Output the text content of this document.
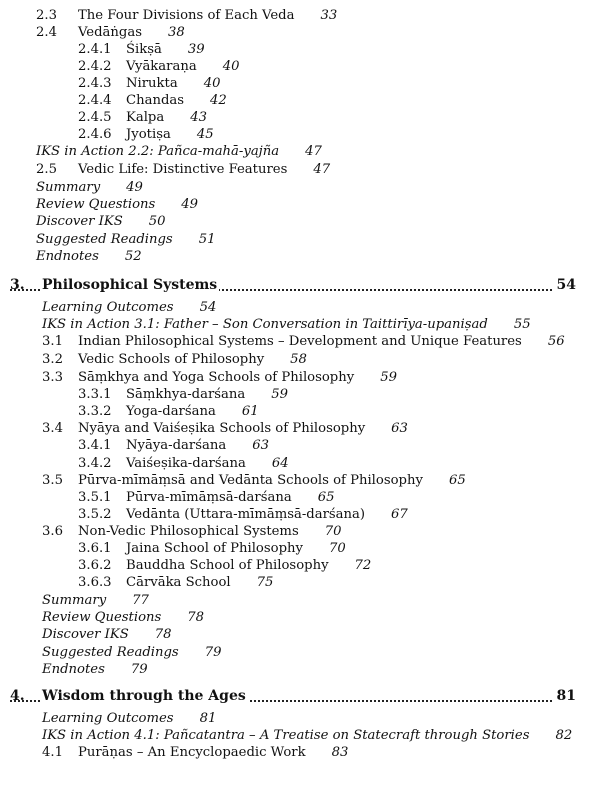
2.3 The Four Divisions of Each Veda 33
2.4 Vedāṅgas 38
2.4.1 Śikṣā 39
2.4.2 Vyākaraṇa 40
2.4.3 Nirukta 40
2.4.4 Chandas 42
2.4.5 Kalpa 43
2.4.6 Jyotiṣa 45
IKS in Action 2.2: Pañca-mahā-yajña 47
2.5 Vedic Life: Distinctive Features 47
Summary 49
Review Questions 49
Discover IKS 50
Suggested Readings 51
Endnotes 52
3. Philosophical Systems	54
Learning Outcomes 54
IKS in Action 3.1: Father – Son Conversation in Taittirīya-upaniṣad 55
3.1 Indian Philosophical Systems – Development and Unique Features 56
3.2 Vedic Schools of Philosophy 58
3.3 Sāṃkhya and Yoga Schools of Philosophy 59
3.3.1 Sāṃkhya-darśana 59
3.3.2 Yoga-darśana 61
3.4 Nyāya and Vaiśeṣika Schools of Philosophy 63
3.4.1 Nyāya-darśana 63
3.4.2 Vaiśeṣika-darśana 64
3.5 Pūrva-mīmāṃsā and Vedānta Schools of Philosophy 65
3.5.1 Pūrva-mīmāṃsā-darśana 65
3.5.2 Vedānta (Uttara-mīmāṃsā-darśana) 67
3.6 Non-Vedic Philosophical Systems 70
3.6.1 Jaina School of Philosophy 70
3.6.2 Bauddha School of Philosophy 72
3.6.3 Cārvāka School 75
Summary 77
Review Questions 78
Discover IKS 78
Suggested Readings 79
Endnotes 79
4. Wisdom through the Ages	81
Learning Outcomes 81
IKS in Action 4.1: Pañcatantra – A Treatise on Statecraft through Stories 82
4.1 Purāṇas – An Encyclopaedic Work 83
